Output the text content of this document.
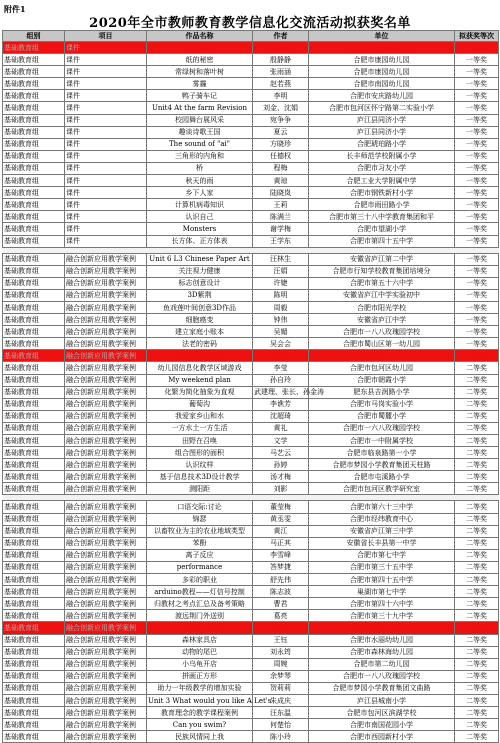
附件1
2020年全市教师教育教学信息化交流活动拟获奖名单
组别	项目	作品名称	作者	单位	拟获奖等次
基础教育组	课件	目睹多么	张明莉	合肥市长江路幼儿园	一等奖
基础教育组	课件	纸的秘密	殷静静	合肥市康园幼儿园	一等奖
基础教育组	课件	常绿树和落叶树	张雨涵	合肥市康园幼儿园	一等奖
基础教育组	课件	雾霾	赵若燕	合肥市南园幼儿园	一等奖
基础教育组	课件	鸭子骑车记	李明	合肥市安庆路幼儿园	一等奖
基础教育组	课件	Unit4 At the farm Revision	刘金、沈娟	合肥市包河区怀宁路第二实验小学	一等奖
基础教育组	课件	校园舞台展风采	宛争争	庐江县同济小学	一等奖
基础教育组	课件	趣谈诗歌王国	夏云	庐江县同济小学	一等奖
基础教育组	课件	The sound of "ai"	方晓珍	合肥琥珀路小学	一等奖
基础教育组	课件	三角形的内角和	任德权	长丰师范学校附属小学	一等奖
基础教育组	课件	桥	程梅	合肥市习友小学	一等奖
基础教育组	课件	秋天的雨	黄琼	合肥工业大学附属中学	一等奖
基础教育组	课件	乡下人家	陆晓岚	合肥市钢铁新村小学	一等奖
基础教育组	课件	计算机病毒知识	王莉	合肥市雨田路小学	一等奖
基础教育组	课件	认识自己	陈满兰	合肥市第三十八中学教育集团和平	一等奖
基础教育组	课件	Monsters	谢学梅	合肥市望湖小学	一等奖
基础教育组	课件	长方体、正方体表	王学东	合肥市第四十五中学	一等奖

基础教育组	融合创新应用教学案例	Unit 6 L3 Chinese Paper Art	汪林生	安徽省庐江第二中学	一等奖
基础教育组	融合创新应用教学案例	关注视力健康	汪娟	合肥市行知学校教育集团培境分	一等奖
基础教育组	融合创新应用教学案例	标志创意设计	许婕	合肥市第五十六中学	一等奖
基础教育组	融合创新应用教学案例	3D紫荆	陈明	安徽省庐江中学实验初中	一等奖
基础教育组	融合创新应用教学案例	鱼戏莲叶间创意3D作品	周毅	合肥市阳光学校	一等奖
基础教育组	融合创新应用教学案例	细胞癌变	钟伟	安徽省庐江中学	一等奖
基础教育组	融合创新应用教学案例	建立家庭小账本	吴媚	合肥市一八八玫瑰园学校	一等奖
基础教育组	融合创新应用教学案例	法老的密码	吴会会	合肥市蜀山区第一幼儿园	一等奖
基础教育组	融合创新应用教学案例	国内大循环经济	史淑萍	合肥市第一中学	一等奖
基础教育组	融合创新应用教学案例	幼儿园信息化教学区域游戏	李莹	合肥市包河区幼儿园	二等奖
基础教育组	融合创新应用教学案例	My weekend plan	孙自玲	合肥市朝霞小学	二等奖
基础教育组	融合创新应用教学案例	化繁为简化抽象为直观	武建理、张长、孙金涛	肥东县吉润路小学	二等奖
基础教育组	融合创新应用教学案例	葡萄沟	李谯芳	合肥市马岗实验小学	二等奖
基础教育组	融合创新应用教学案例	我爱家乡山和水	沈超琦	合肥市蜀麓小学	二等奖
基础教育组	融合创新应用教学案例	一方水土一方生活	黄礼	合肥市一六八玫瑰园学校	二等奖
基础教育组	融合创新应用教学案例	田野在召唤	文学	合肥市一中附属学校	二等奖
基础教育组	融合创新应用教学案例	组合图形的面积	马艺云	合肥市临泉路第一小学	二等奖
基础教育组	融合创新应用教学案例	认识纹样	孙婷	合肥市梦园小学教育集团天柱路	二等奖
基础教育组	融合创新应用教学案例	基于信息技术3D设计教学	汤才梅	合肥市屯溪路小学	二等奖
基础教育组	融合创新应用教学案例	测阳距	刘影	合肥市包河区教学研究室	二等奖

基础教育组	融合创新应用教学案例	口语交际:讨论	董莹梅	合肥市第六十三中学	二等奖
基础教育组	融合创新应用教学案例	锦瑟	黄丞雯	合肥市经纬教育中心	二等奖
基础教育组	融合创新应用教学案例	以畜牧业为主的农业地域类型	黄江	安徽省庐江第三中学	二等奖
基础教育组	融合创新应用教学案例	苯酚	马正其	安徽省长丰县第一中学	二等奖
基础教育组	融合创新应用教学案例	离子反应	李雪峰	合肥市第七中学	二等奖
基础教育组	融合创新应用教学案例	performance	答梦捷	合肥市第三十五中学	二等奖
基础教育组	融合创新应用教学案例	多彩的职业	舒先伟	合肥市第四十五中学	二等奖
基础教育组	融合创新应用教学案例	arduino教程——灯信号控制	陈志波	巢湖市第七中学	二等奖
基础教育组	融合创新应用教学案例	归教材之考点汇总及备考策略	曹君	合肥市第四十六中学	二等奖
基础教育组	融合创新应用教学案例	渡远荆门外送别	葛亮	合肥市第三十九中学	二等奖
基础教育组	融合创新应用教学案例	小数乘法与除法	蒋剑	合肥市包河区实验小学	二等奖
基础教育组	融合创新应用教学案例	森林家具店	王钰	合肥市水丽幼幼儿园	二等奖
基础教育组	融合创新应用教学案例	动物的尾巴	刘永筠	合肥市森林海幼儿园	二等奖
基础教育组	融合创新应用教学案例	小乌龟开店	周婉	合肥市第二幼儿园	二等奖
基础教育组	融合创新应用教学案例	拼画正方形	余梦琴	合肥市一八八玫瑰园学校	二等奖
基础教育组	融合创新应用教学案例	助力一年级教学的增加实验	贺莉莉	合肥市梦园小学教育集团文曲路	二等奖
基础教育组	融合创新应用教学案例	Unit 3 What would you like A Let's	朱成庆	庐江县城南小学	二等奖
基础教育组	融合创新应用教学案例	教育理念的教学课程案例	汪东温	合肥市包河区滨湖学校	二等奖
基础教育组	融合创新应用教学案例	Can you swim?	何楚怡	合肥市南国花园小学	二等奖
基础教育组	融合创新应用教学案例	民族风情同上我	陈小玲	合肥市西园新村小学	二等奖
